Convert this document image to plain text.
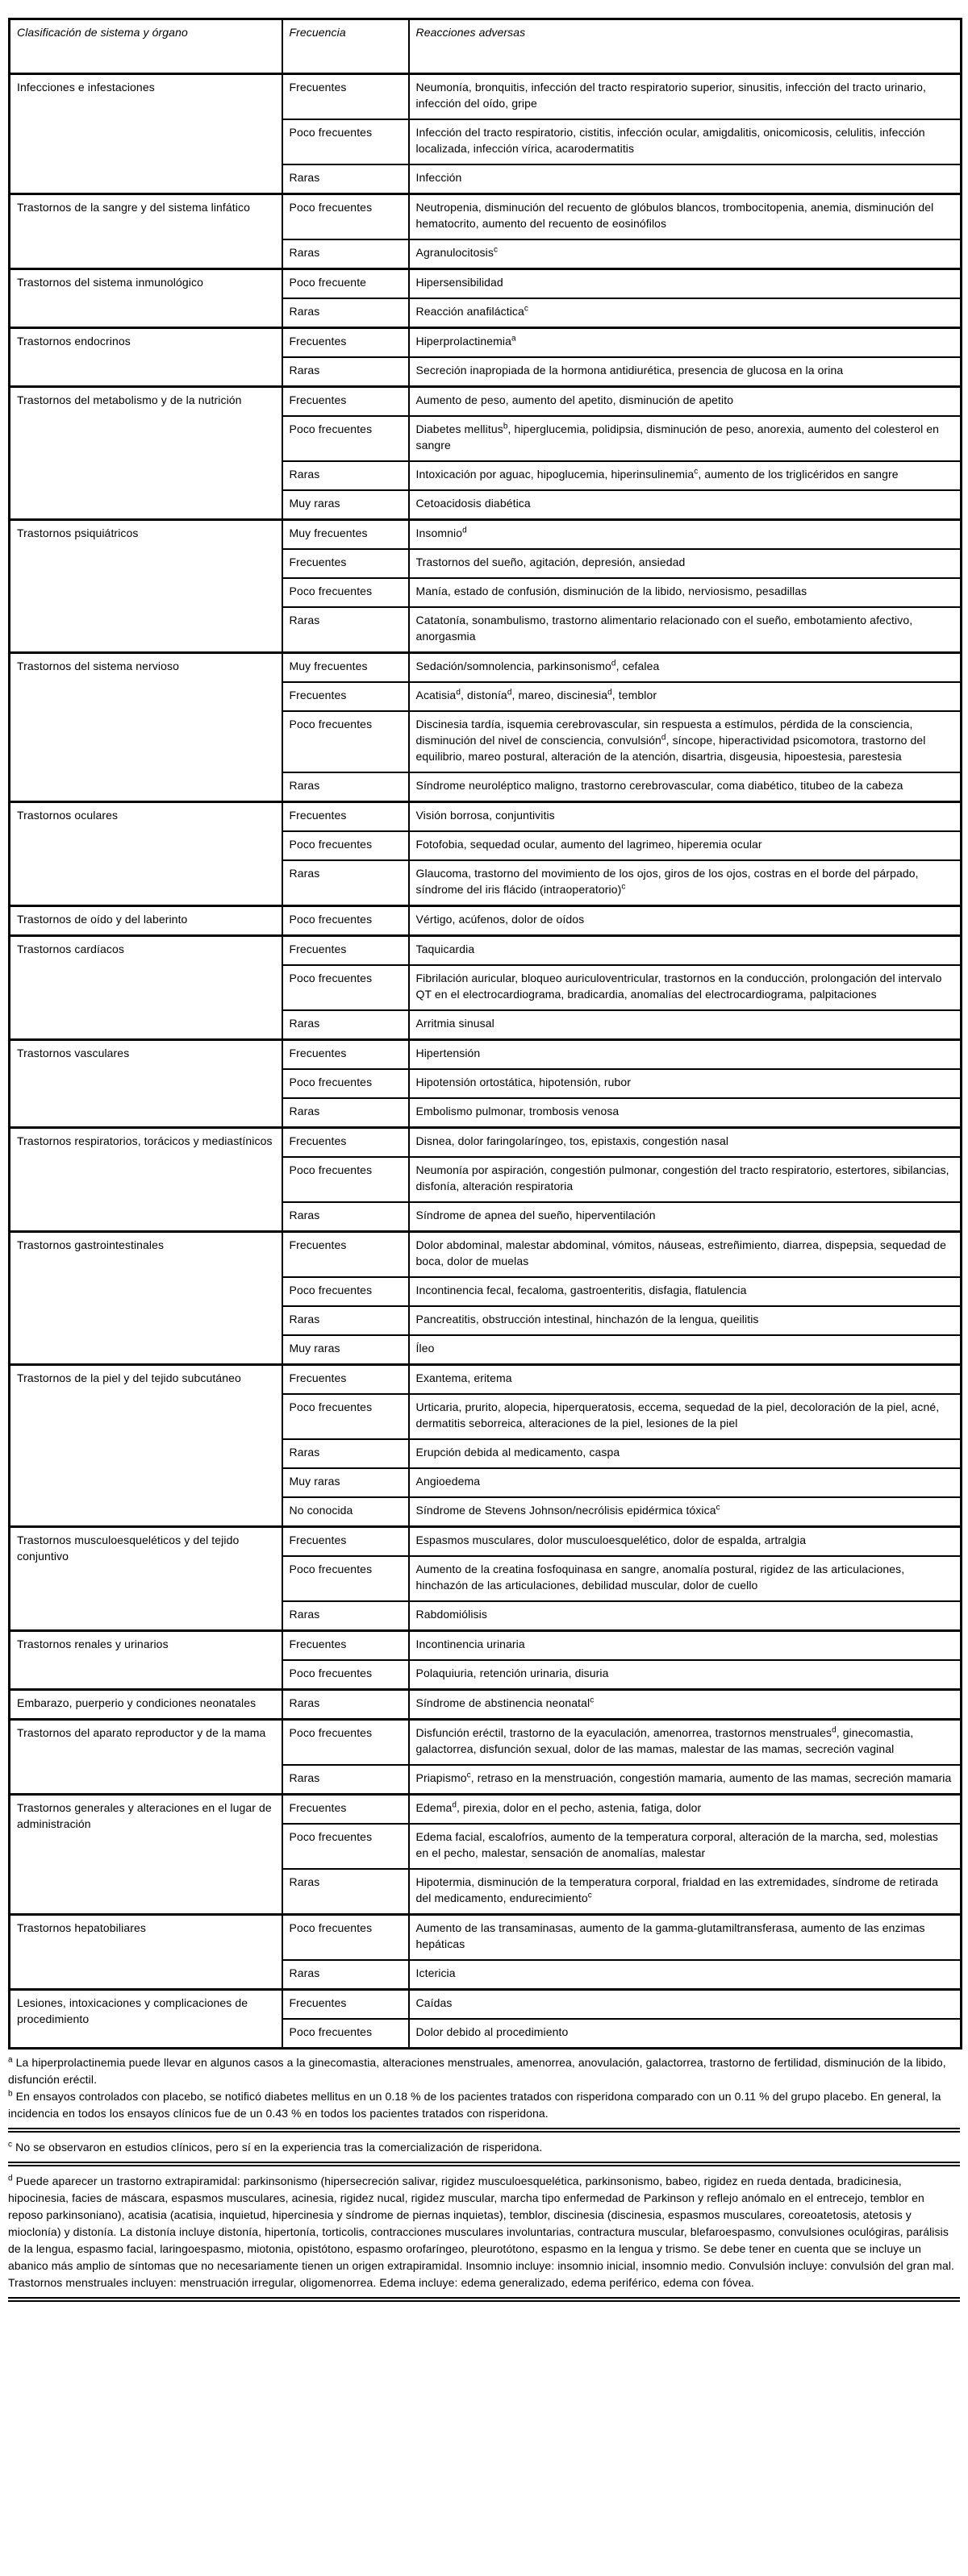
Clasificación de sistema y órgano	Frecuencia	Reacciones adversas
Infecciones e infestaciones	Frecuentes	Neumonía, bronquitis, infección del tracto respiratorio superior, sinusitis, infección del tracto urinario, infección del oído, gripe
	Poco frecuentes	Infección del tracto respiratorio, cistitis, infección ocular, amigdalitis, onicomicosis, celulitis, infección localizada, infección vírica, acarodermatitis
	Raras	Infección
Trastornos de la sangre y del sistema linfático	Poco frecuentes	Neutropenia, disminución del recuento de glóbulos blancos, trombocitopenia, anemia, disminución del hematocrito, aumento del recuento de eosinófilos
	Raras	Agranulocitosis$^c$
Trastornos del sistema inmunológico	Poco frecuente	Hipersensibilidad
	Raras	Reacción anafiláctica$^c$
Trastornos endocrinos	Frecuentes	Hiperprolactinemia$^a$
	Raras	Secreción inapropiada de la hormona antidiurética, presencia de glucosa en la orina
Trastornos del metabolismo y de la nutrición	Frecuentes	Aumento de peso, aumento del apetito, disminución de apetito
	Poco frecuentes	Diabetes mellitus$^b$, hiperglucemia, polidipsia, disminución de peso, anorexia, aumento del colesterol en sangre
	Raras	Intoxicación por aguac, hipoglucemia, hiperinsulinemia$^c$, aumento de los triglicéridos en sangre
	Muy raras	Cetoacidosis diabética
Trastornos psiquiátricos	Muy frecuentes	Insomnio$^d$
	Frecuentes	Trastornos del sueño, agitación, depresión, ansiedad
	Poco frecuentes	Manía, estado de confusión, disminución de la libido, nerviosismo, pesadillas
	Raras	Catatonía, sonambulismo, trastorno alimentario relacionado con el sueño, embotamiento afectivo, anorgasmia
Trastornos del sistema nervioso	Muy frecuentes	Sedación/somnolencia, parkinsonismo$^d$, cefalea
	Frecuentes	Acatisia$^d$, distonía$^d$, mareo, discinesia$^d$, temblor
	Poco frecuentes	Discinesia tardía, isquemia cerebrovascular, sin respuesta a estímulos, pérdida de la consciencia, disminución del nivel de consciencia, convulsión$^d$, síncope, hiperactividad psicomotora, trastorno del equilibrio, mareo postural, alteración de la atención, disartria, disgeusia, hipoestesia, parestesia
	Raras	Síndrome neuroléptico maligno, trastorno cerebrovascular, coma diabético, titubeo de la cabeza
Trastornos oculares	Frecuentes	Visión borrosa, conjuntivitis
	Poco frecuentes	Fotofobia, sequedad ocular, aumento del lagrimeo, hiperemia ocular
	Raras	Glaucoma, trastorno del movimiento de los ojos, giros de los ojos, costras en el borde del párpado, síndrome del iris flácido (intraoperatorio)$^c$
Trastornos de oído y del laberinto	Poco frecuentes	Vértigo, acúfenos, dolor de oídos
Trastornos cardíacos	Frecuentes	Taquicardia
	Poco frecuentes	Fibrilación auricular, bloqueo auriculoventricular, trastornos en la conducción, prolongación del intervalo QT en el electrocardiograma, bradicardia, anomalías del electrocardiograma, palpitaciones
	Raras	Arritmia sinusal
Trastornos vasculares	Frecuentes	Hipertensión
	Poco frecuentes	Hipotensión ortostática, hipotensión, rubor
	Raras	Embolismo pulmonar, trombosis venosa
Trastornos respiratorios, torácicos y mediastínicos	Frecuentes	Disnea, dolor faringolaríngeo, tos, epistaxis, congestión nasal
	Poco frecuentes	Neumonía por aspiración, congestión pulmonar, congestión del tracto respiratorio, estertores, sibilancias, disfonía, alteración respiratoria
	Raras	Síndrome de apnea del sueño, hiperventilación
Trastornos gastrointestinales	Frecuentes	Dolor abdominal, malestar abdominal, vómitos, náuseas, estreñimiento, diarrea, dispepsia, sequedad de boca, dolor de muelas
	Poco frecuentes	Incontinencia fecal, fecaloma, gastroenteritis, disfagia, flatulencia
	Raras	Pancreatitis, obstrucción intestinal, hinchazón de la lengua, queilitis
	Muy raras	Íleo
Trastornos de la piel y del tejido subcutáneo	Frecuentes	Exantema, eritema
	Poco frecuentes	Urticaria, prurito, alopecia, hiperqueratosis, eccema, sequedad de la piel, decoloración de la piel, acné, dermatitis seborreica, alteraciones de la piel, lesiones de la piel
	Raras	Erupción debida al medicamento, caspa
	Muy raras	Angioedema
	No conocida	Síndrome de Stevens Johnson/necrólisis epidérmica tóxica$^c$
Trastornos musculoesqueléticos y del tejido conjuntivo	Frecuentes	Espasmos musculares, dolor musculoesquelético, dolor de espalda, artralgia
	Poco frecuentes	Aumento de la creatina fosfoquinasa en sangre, anomalía postural, rigidez de las articulaciones, hinchazón de las articulaciones, debilidad muscular, dolor de cuello
	Raras	Rabdomiólisis
Trastornos renales y urinarios	Frecuentes	Incontinencia urinaria
	Poco frecuentes	Polaquiuria, retención urinaria, disuria
Embarazo, puerperio y condiciones neonatales	Raras	Síndrome de abstinencia neonatal$^c$
Trastornos del aparato reproductor y de la mama	Poco frecuentes	Disfunción eréctil, trastorno de la eyaculación, amenorrea, trastornos menstruales$^d$, ginecomastia, galactorrea, disfunción sexual, dolor de las mamas, malestar de las mamas, secreción vaginal
	Raras	Priapismo$^c$, retraso en la menstruación, congestión mamaria, aumento de las mamas, secreción mamaria
Trastornos generales y alteraciones en el lugar de administración	Frecuentes	Edema$^d$, pirexia, dolor en el pecho, astenia, fatiga, dolor
	Poco frecuentes	Edema facial, escalofríos, aumento de la temperatura corporal, alteración de la marcha, sed, molestias en el pecho, malestar, sensación de anomalías, malestar
	Raras	Hipotermia, disminución de la temperatura corporal, frialdad en las extremidades, síndrome de retirada del medicamento, endurecimiento$^c$
Trastornos hepatobiliares	Poco frecuentes	Aumento de las transaminasas, aumento de la gamma-glutamiltransferasa, aumento de las enzimas hepáticas
	Raras	Ictericia
Lesiones, intoxicaciones y complicaciones de procedimiento	Frecuentes	Caídas
	Poco frecuentes	Dolor debido al procedimiento

$^a$ La hiperprolactinemia puede llevar en algunos casos a la ginecomastia, alteraciones menstruales, amenorrea, anovulación, galactorrea, trastorno de fertilidad, disminución de la libido, disfunción eréctil.

$^b$ En ensayos controlados con placebo, se notificó diabetes mellitus en un 0.18 % de los pacientes tratados con risperidona comparado con un 0.11 % del grupo placebo. En general, la incidencia en todos los ensayos clínicos fue de un 0.43 % en todos los pacientes tratados con risperidona.

$^c$ No se observaron en estudios clínicos, pero sí en la experiencia tras la comercialización de risperidona.

$^d$ Puede aparecer un trastorno extrapiramidal: parkinsonismo (hipersecreción salivar, rigidez musculoesquelética, parkinsonismo, babeo, rigidez en rueda dentada, bradicinesia, hipocinesia, facies de máscara, espasmos musculares, acinesia, rigidez nucal, rigidez muscular, marcha tipo enfermedad de Parkinson y reflejo anómalo en el entrecejo, temblor en reposo parkinsoniano), acatisia (acatisia, inquietud, hipercinesia y síndrome de piernas inquietas), temblor, discinesia (discinesia, espasmos musculares, coreoatetosis, atetosis y mioclonía) y distonía. La distonía incluye distonía, hipertonía, torticolis, contracciones musculares involuntarias, contractura muscular, blefaroespasmo, convulsiones oculógiras, parálisis de la lengua, espasmo facial, laringoespasmo, miotonia, opistótono, espasmo orofaríngeo, pleurotótono, espasmo en la lengua y trismo. Se debe tener en cuenta que se incluye un abanico más amplio de síntomas que no necesariamente tienen un origen extrapiramidal. Insomnio incluye: insomnio inicial, insomnio medio. Convulsión incluye: convulsión del gran mal. Trastornos menstruales incluyen: menstruación irregular, oligomenorrea. Edema incluye: edema generalizado, edema periférico, edema con fóvea.
